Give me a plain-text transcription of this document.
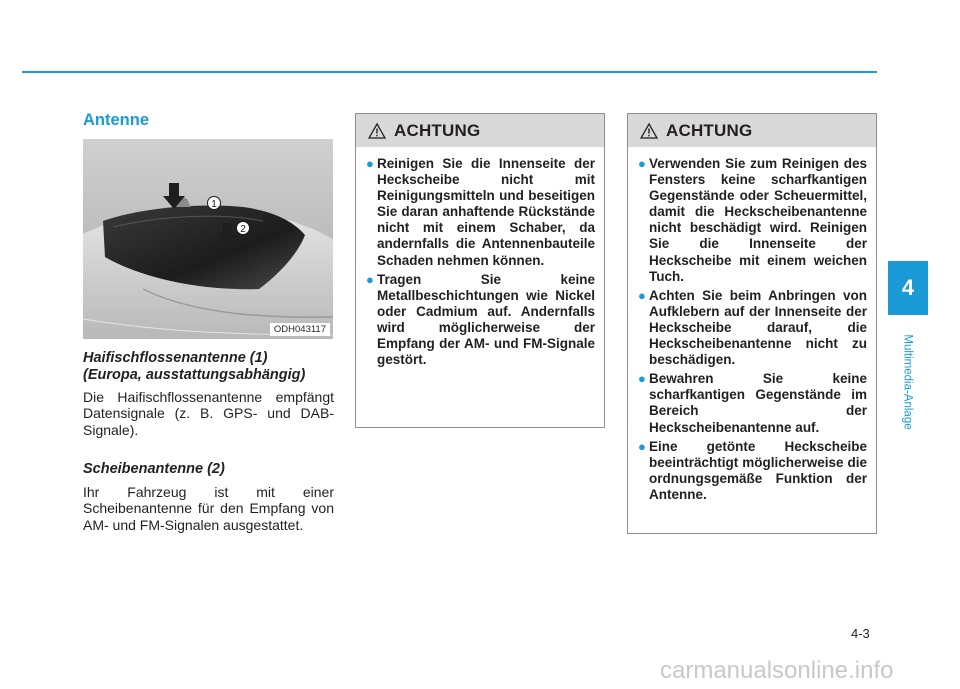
4
Multimedia-Anlage
Antenne
1
2
ODH043117
Haifischflossenantenne (1)
(Europa, ausstattungsabhängig)

Die Haifischflossenantenne empfängt Datensignale (z. B. GPS- und DAB-Signale).

Scheibenantenne (2)

Ihr Fahrzeug ist mit einer Scheibenantenne für den Empfang von AM- und FM-Signalen ausgestattet.

ACHTUNG
● Reinigen Sie die Innenseite der Heckscheibe nicht mit Reinigungsmitteln und beseitigen Sie daran anhaftende Rückstände nicht mit einem Schaber, da andernfalls die Antennenbauteile Schaden nehmen können.
● Tragen Sie keine Metallbeschichtungen wie Nickel oder Cadmium auf. Andernfalls wird möglicherweise der Empfang der AM- und FM-Signale gestört.
ACHTUNG
● Verwenden Sie zum Reinigen des Fensters keine scharfkantigen Gegenstände oder Scheuermittel, damit die Heckscheibenantenne nicht beschädigt wird. Reinigen Sie die Innenseite der Heckscheibe mit einem weichen Tuch.
● Achten Sie beim Anbringen von Aufklebern auf der Innenseite der Heckscheibe darauf, die Heckscheibenantenne nicht zu beschädigen.
● Bewahren Sie keine scharfkantigen Gegenstände im Bereich der Heckscheibenantenne auf.
● Eine getönte Heckscheibe beeinträchtigt möglicherweise die ordnungsgemäße Funktion der Antenne.
4-3
carmanualsonline.info
